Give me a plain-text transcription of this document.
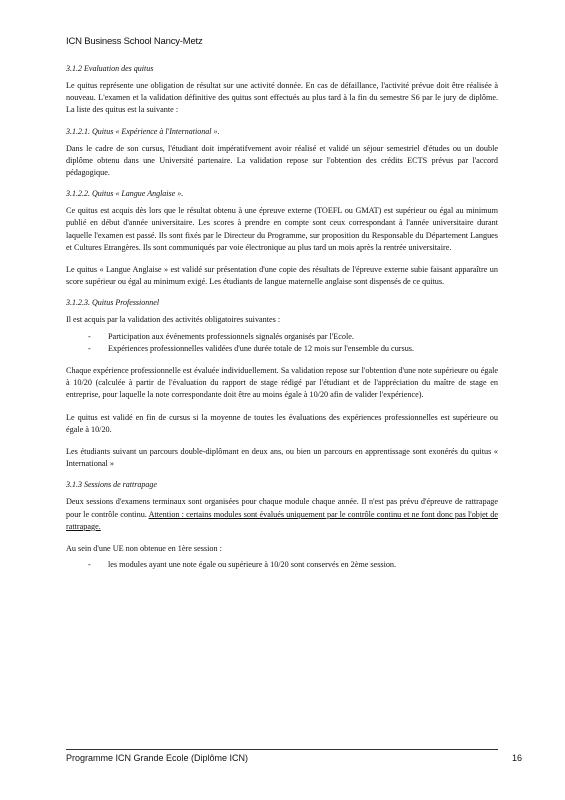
ICN Business School Nancy-Metz
3.1.2 Evaluation des quitus

Le quitus représente une obligation de résultat sur une activité donnée. En cas de défaillance, l'activité prévue doit être réalisée à nouveau. L'examen et la validation définitive des quitus sont effectués au plus tard à la fin du semestre S6 par le jury de diplôme. La liste des quitus est la suivante :

3.1.2.1. Quitus « Expérience à l'International ».

Dans le cadre de son cursus, l'étudiant doit impératifvement avoir réalisé et validé un séjour semestriel d'études ou un double diplôme obtenu dans une Université partenaire. La validation repose sur l'obtention des crédits ECTS prévus par l'accord pédagogique.

3.1.2.2. Quitus « Langue Anglaise ».

Ce quitus est acquis dès lors que le résultat obtenu à une épreuve externe (TOEFL ou GMAT) est supérieur ou égal au minimum publié en début d'année universitaire. Les scores à prendre en compte sont ceux correspondant à l'année universitaire durant laquelle l'examen est passé. Ils sont fixés par le Directeur du Programme, sur proposition du Responsable du Département Langues et Cultures Etrangères. Ils sont communiqués par voie électronique au plus tard un mois après la rentrée universitaire.

Le quitus « Langue Anglaise » est validé sur présentation d'une copie des résultats de l'épreuve externe subie faisant apparaître un score supérieur ou égal au minimum exigé. Les étudiants de langue maternelle anglaise sont dispensés de ce quitus.

3.1.2.3. Quitus Professionnel

Il est acquis par la validation des activités obligatoires suivantes :

- Participation aux événements professionnels signalés organisés par l'Ecole.
- Expériences professionnelles validées d'une durée totale de 12 mois sur l'ensemble du cursus.

Chaque expérience professionnelle est évaluée individuellement. Sa validation repose sur l'obtention d'une note supérieure ou égale à 10/20 (calculée à partir de l'évaluation du rapport de stage rédigé par l'étudiant et de l'appréciation du maître de stage en entreprise, pour laquelle la note correspondante doit être au moins égale à 10/20 afin de valider l'expérience).

Le quitus est validé en fin de cursus si la moyenne de toutes les évaluations des expériences professionnelles est supérieure ou égale à 10/20.

Les étudiants suivant un parcours double-diplômant en deux ans, ou bien un parcours en apprentissage sont exonérés du quitus « International »

3.1.3 Sessions de rattrapage

Deux sessions d'examens terminaux sont organisées pour chaque module chaque année. Il n'est pas prévu d'épreuve de rattrapage pour le contrôle continu. Attention : certains modules sont évalués uniquement par le contrôle continu et ne font donc pas l'objet de rattrapage.

Au sein d'une UE non obtenue en 1ère session :

- les modules ayant une note égale ou supérieure à 10/20 sont conservés en 2ème session.
Programme ICN Grande Ecole (Diplôme ICN)	16
